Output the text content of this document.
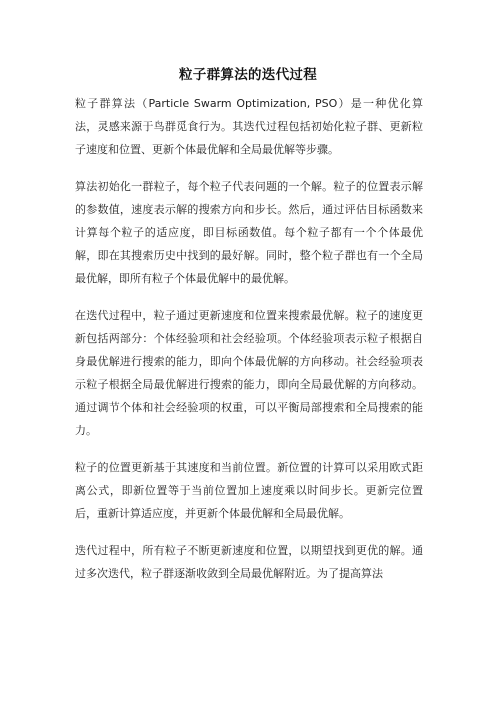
粒子群算法的迭代过程

粒子群算法（Particle Swarm Optimization, PSO）是一种优化算法，灵感来源于鸟群觅食行为。其迭代过程包括初始化粒子群、更新粒子速度和位置、更新个体最优解和全局最优解等步骤。

算法初始化一群粒子，每个粒子代表问题的一个解。粒子的位置表示解的参数值，速度表示解的搜索方向和步长。然后，通过评估目标函数来计算每个粒子的适应度，即目标函数值。每个粒子都有一个个体最优解，即在其搜索历史中找到的最好解。同时，整个粒子群也有一个全局最优解，即所有粒子个体最优解中的最优解。

在迭代过程中，粒子通过更新速度和位置来搜索最优解。粒子的速度更新包括两部分：个体经验项和社会经验项。个体经验项表示粒子根据自身最优解进行搜索的能力，即向个体最优解的方向移动。社会经验项表示粒子根据全局最优解进行搜索的能力，即向全局最优解的方向移动。通过调节个体和社会经验项的权重，可以平衡局部搜索和全局搜索的能力。

粒子的位置更新基于其速度和当前位置。新位置的计算可以采用欧式距离公式，即新位置等于当前位置加上速度乘以时间步长。更新完位置后，重新计算适应度，并更新个体最优解和全局最优解。

迭代过程中，所有粒子不断更新速度和位置，以期望找到更优的解。通过多次迭代，粒子群逐渐收敛到全局最优解附近。为了提高算法
